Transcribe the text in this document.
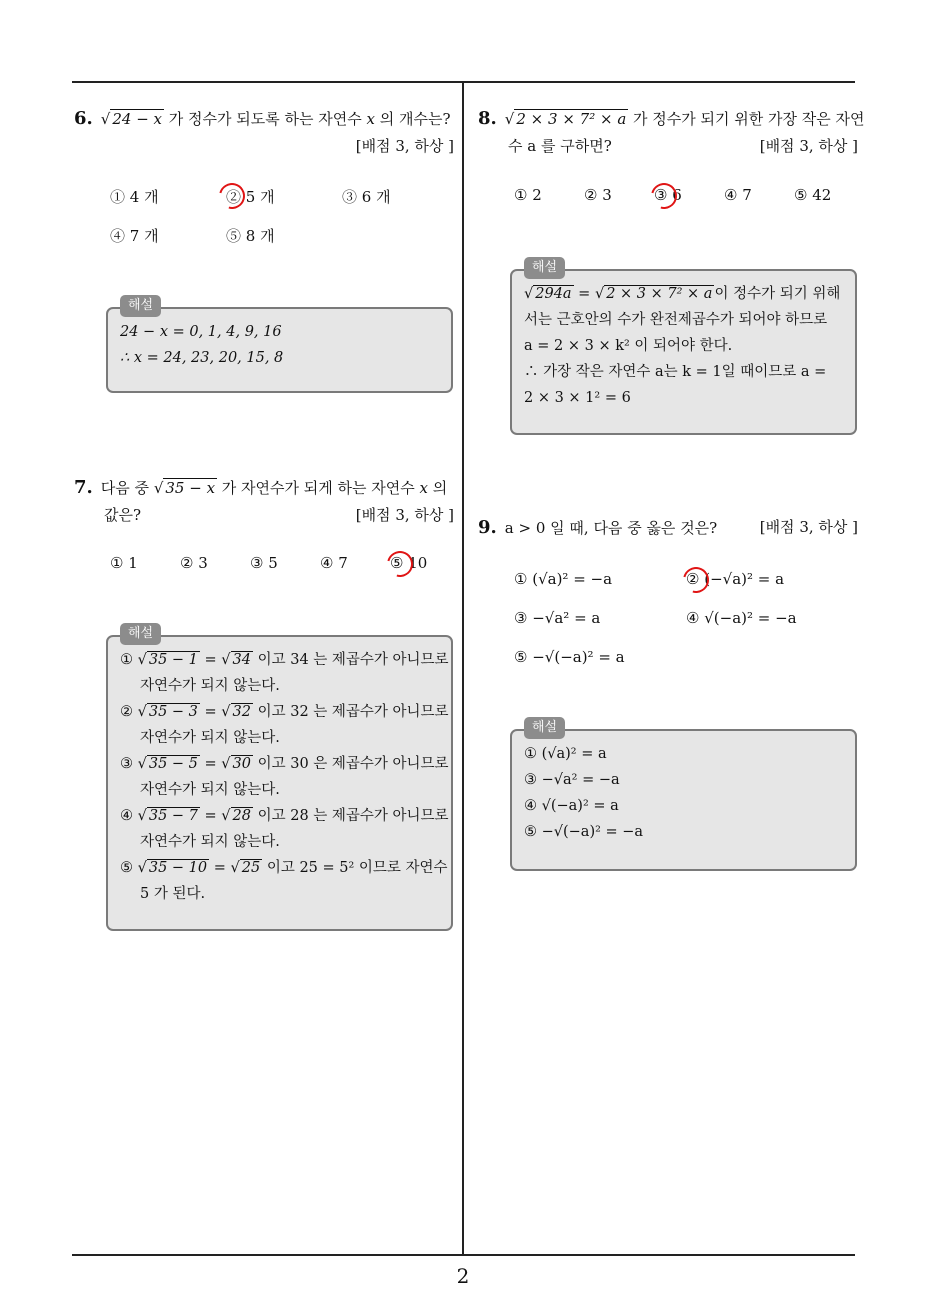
6. √ 24 − x 가 정수가 되도록 하는 자연수 x 의 개수는?
[배점 3, 하상 ]
① 4 개	② 5 개	③ 6 개
④ 7 개	⑤ 8 개
해설
24 − x = 0, 1, 4, 9, 16
∴ x = 24, 23, 20, 15, 8
7. 다음 중 √ 35 − x 가 자연수가 되게 하는 자연수 x 의
값은?	[배점 3, 하상 ]
① 1	② 3	③ 5	④ 7	⑤ 10
해설
① √ 35 − 1 = √ 34 이고 34 는 제곱수가 아니므로
자연수가 되지 않는다.
② √ 35 − 3 = √ 32 이고 32 는 제곱수가 아니므로
자연수가 되지 않는다.
③ √ 35 − 5 = √ 30 이고 30 은 제곱수가 아니므로
자연수가 되지 않는다.
④ √ 35 − 7 = √ 28 이고 28 는 제곱수가 아니므로
자연수가 되지 않는다.
⑤ √ 35 − 10 = √ 25 이고 25 = 5² 이므로 자연수
5 가 된다.
8. √ 2 × 3 × 7² × a 가 정수가 되기 위한 가장 작은 자연
수 a 를 구하면?	[배점 3, 하상 ]
① 2	② 3	③ 6	④ 7	⑤ 42
해설
√ 294a = √ 2 × 3 × 7² × a 이 정수가 되기 위해
서는 근호안의 수가 완전제곱수가 되어야 하므로
a = 2 × 3 × k² 이 되어야 한다.
∴ 가장 작은 자연수 a는 k = 1일 때이므로 a =
2 × 3 × 1² = 6
9. a > 0 일 때, 다음 중 옳은 것은?	[배점 3, 하상 ]
① (√a)² = −a	② (−√a)² = a
③ −√a² = a	④ √(−a)² = −a
⑤ −√(−a)² = a
해설
① (√a)² = a
③ −√a² = −a
④ √(−a)² = a
⑤ −√(−a)² = −a
2
